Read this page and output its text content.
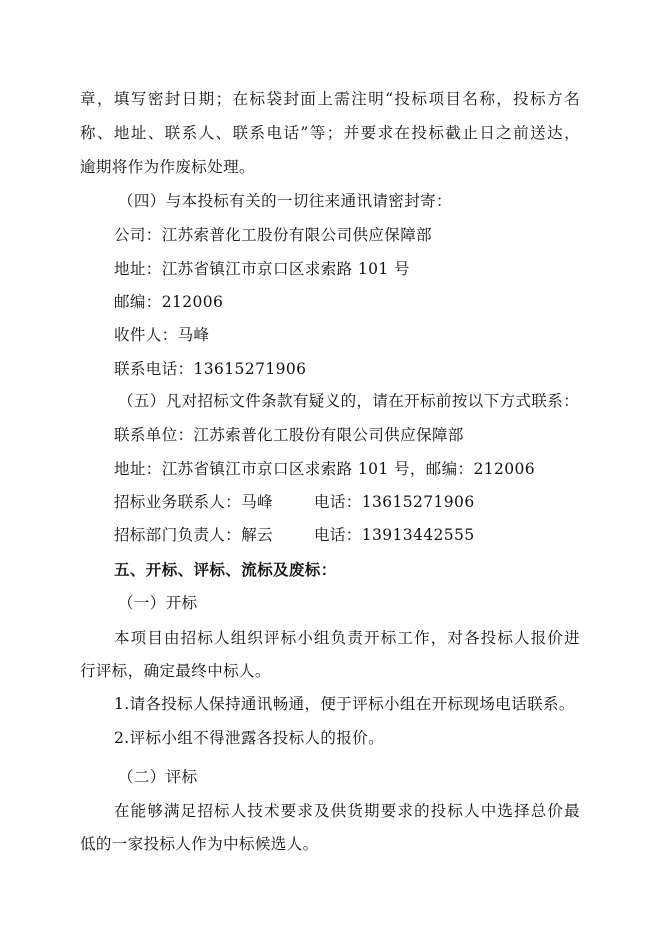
章，填写密封日期；在标袋封面上需注明“投标项目名称，投标方名
称、地址、联系人、联系电话”等；并要求在投标截止日之前送达，
逾期将作为作废标处理。
（四）与本投标有关的一切往来通讯请密封寄：
公司：江苏索普化工股份有限公司供应保障部
地址：江苏省镇江市京口区求索路 101 号
邮编：212006
收件人：马峰
联系电话：13615271906
（五）凡对招标文件条款有疑义的，请在开标前按以下方式联系：
联系单位：江苏索普化工股份有限公司供应保障部
地址：江苏省镇江市京口区求索路 101 号，邮编：212006
招标业务联系人：马峰	电话：13615271906
招标部门负责人：解云	电话：13913442555
五、开标、评标、流标及废标：
（一）开标
本项目由招标人组织评标小组负责开标工作，对各投标人报价进
行评标，确定最终中标人。
1.请各投标人保持通讯畅通，便于评标小组在开标现场电话联系。
2.评标小组不得泄露各投标人的报价。
（二）评标
在能够满足招标人技术要求及供货期要求的投标人中选择总价最
低的一家投标人作为中标候选人。
